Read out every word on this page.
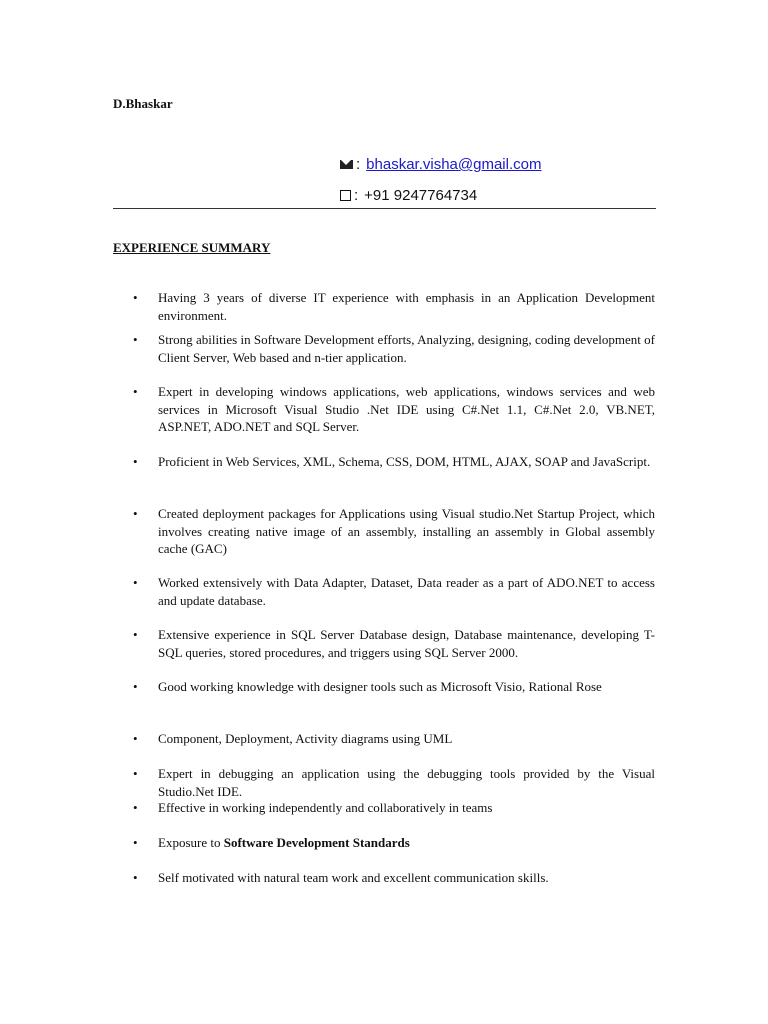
D.Bhaskar
: bhaskar.visha@gmail.com
: +91 9247764734
EXPERIENCE SUMMARY
• Having 3 years of diverse IT experience with emphasis in an Application Development environment.
• Strong abilities in Software Development efforts, Analyzing, designing, coding development of Client Server, Web based and n-tier application.
• Expert in developing windows applications, web applications, windows services and web services in Microsoft Visual Studio .Net IDE using C#.Net 1.1, C#.Net 2.0, VB.NET, ASP.NET, ADO.NET and SQL Server.
• Proficient in Web Services, XML, Schema, CSS, DOM, HTML, AJAX, SOAP and JavaScript.
• Created deployment packages for Applications using Visual studio.Net Startup Project, which involves creating native image of an assembly, installing an assembly in Global assembly cache (GAC)
• Worked extensively with Data Adapter, Dataset, Data reader as a part of ADO.NET to access and update database.
• Extensive experience in SQL Server Database design, Database maintenance, developing T-SQL queries, stored procedures, and triggers using SQL Server 2000.
• Good working knowledge with designer tools such as Microsoft Visio, Rational Rose
• Component, Deployment, Activity diagrams using UML
• Expert in debugging an application using the debugging tools provided by the Visual Studio.Net IDE.
• Effective in working independently and collaboratively in teams
• Exposure to Software Development Standards
• Self motivated with natural team work and excellent communication skills.
